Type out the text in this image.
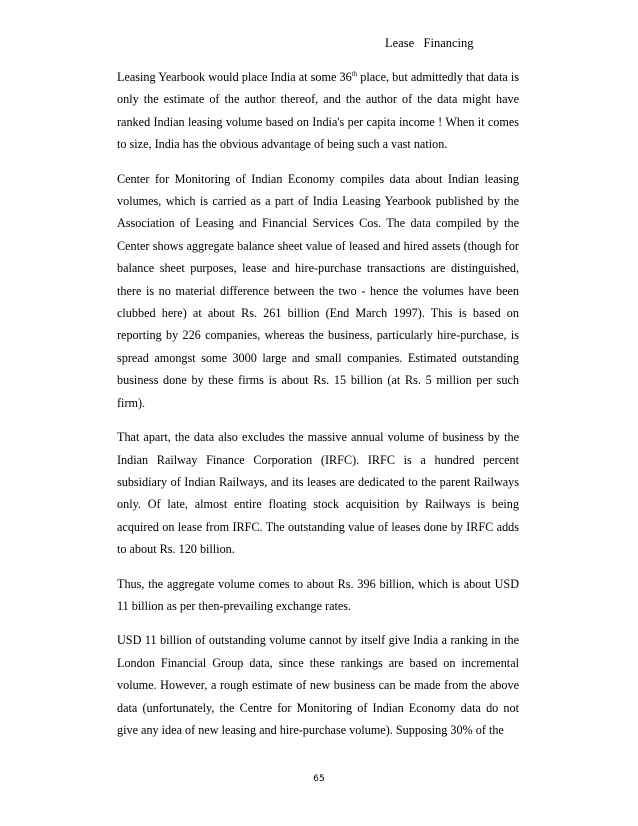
Lease   Financing

Leasing Yearbook would place India at some 36th place, but admittedly that data is only the estimate of the author thereof, and the author of the data might have ranked Indian leasing volume based on India's per capita income ! When it comes to size, India has the obvious advantage of being such a vast nation.

Center for Monitoring of Indian Economy compiles data about Indian leasing volumes, which is carried as a part of India Leasing Yearbook published by the Association of Leasing and Financial Services Cos. The data compiled by the Center shows aggregate balance sheet value of leased and hired assets (though for balance sheet purposes, lease and hire-purchase transactions are distinguished, there is no material difference between the two - hence the volumes have been clubbed here) at about Rs. 261 billion (End March 1997). This is based on reporting by 226 companies, whereas the business, particularly hire-purchase, is spread amongst some 3000 large and small companies. Estimated outstanding business done by these firms is about Rs. 15 billion (at Rs. 5 million per such firm).

That apart, the data also excludes the massive annual volume of business by the Indian Railway Finance Corporation (IRFC). IRFC is a hundred percent subsidiary of Indian Railways, and its leases are dedicated to the parent Railways only. Of late, almost entire floating stock acquisition by Railways is being acquired on lease from IRFC. The outstanding value of leases done by IRFC adds to about Rs. 120 billion.

Thus, the aggregate volume comes to about Rs. 396 billion, which is about USD 11 billion as per then-prevailing exchange rates.

USD 11 billion of outstanding volume cannot by itself give India a ranking in the London Financial Group data, since these rankings are based on incremental volume. However, a rough estimate of new business can be made from the above data (unfortunately, the Centre for Monitoring of Indian Economy data do not give any idea of new leasing and hire-purchase volume). Supposing 30% of the

65
